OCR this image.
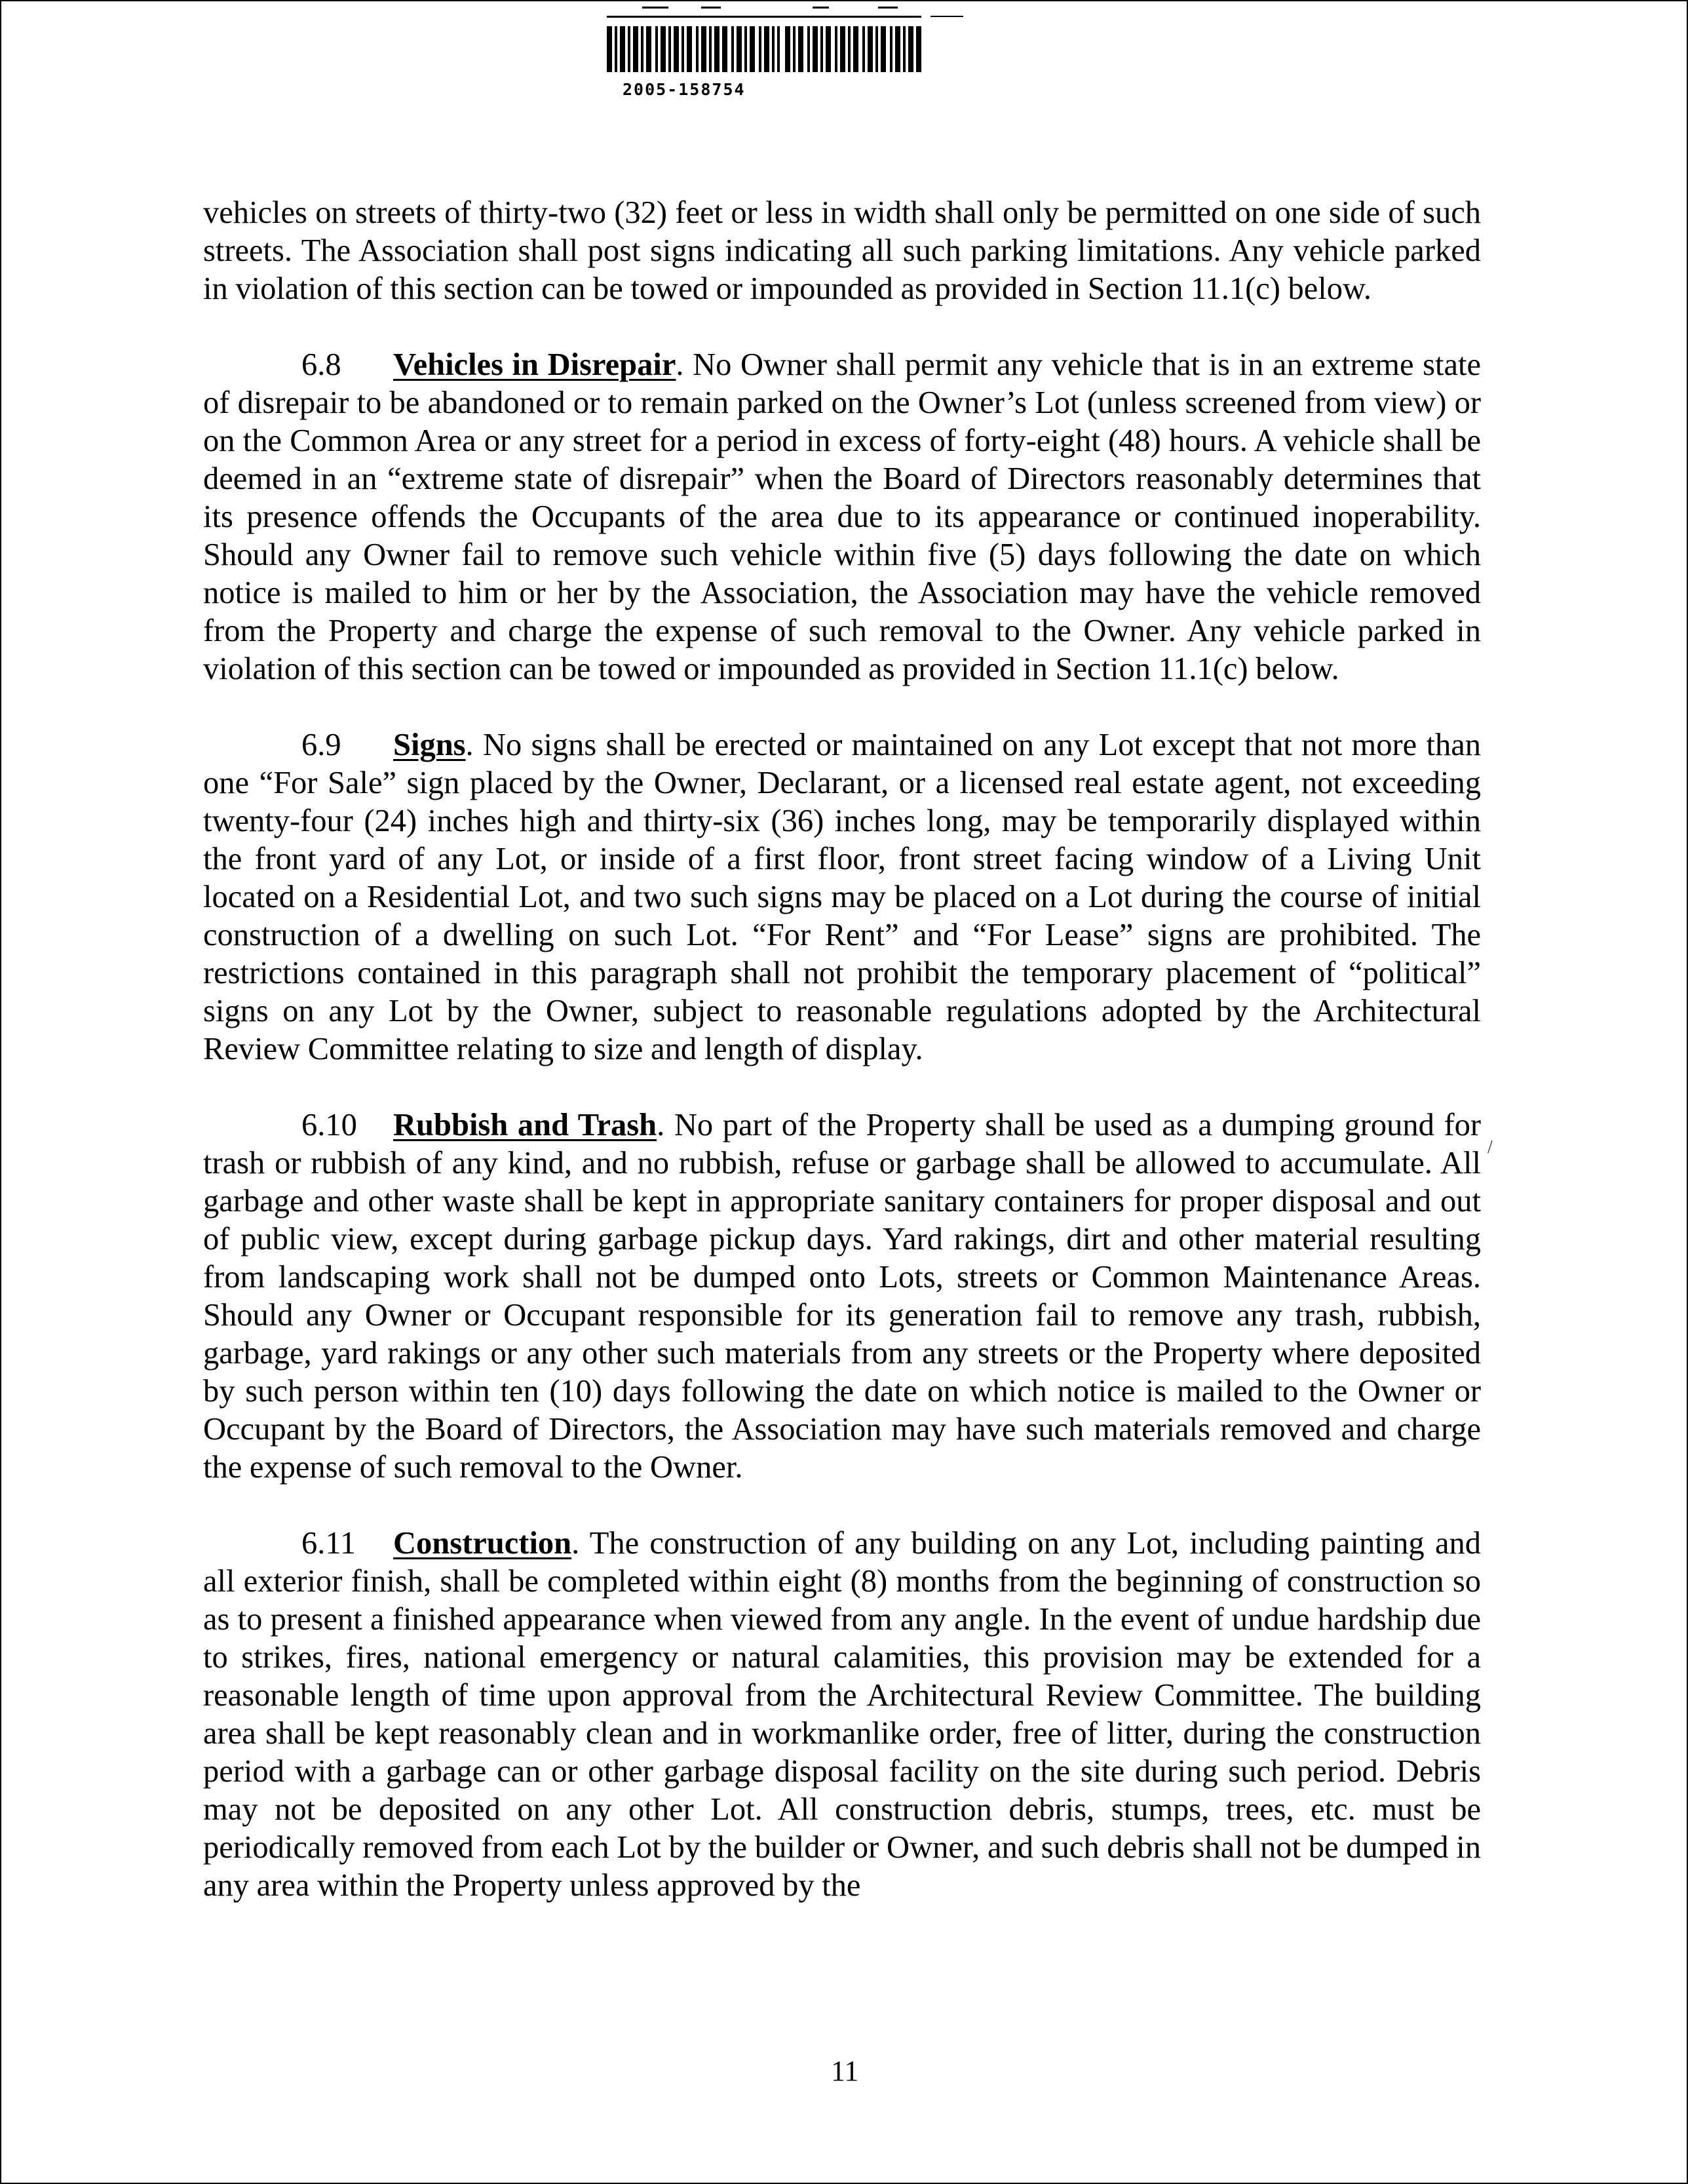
2005-158754

vehicles on streets of thirty-two (32) feet or less in width shall only be permitted on one side of such streets. The Association shall post signs indicating all such parking limitations. Any vehicle parked in violation of this section can be towed or impounded as provided in Section 11.1(c) below.

6.8 Vehicles in Disrepair. No Owner shall permit any vehicle that is in an extreme state of disrepair to be abandoned or to remain parked on the Owner’s Lot (unless screened from view) or on the Common Area or any street for a period in excess of forty-eight (48) hours. A vehicle shall be deemed in an “extreme state of disrepair” when the Board of Directors reasonably determines that its presence offends the Occupants of the area due to its appearance or continued inoperability. Should any Owner fail to remove such vehicle within five (5) days following the date on which notice is mailed to him or her by the Association, the Association may have the vehicle removed from the Property and charge the expense of such removal to the Owner. Any vehicle parked in violation of this section can be towed or impounded as provided in Section 11.1(c) below.

6.9 Signs. No signs shall be erected or maintained on any Lot except that not more than one “For Sale” sign placed by the Owner, Declarant, or a licensed real estate agent, not exceeding twenty-four (24) inches high and thirty-six (36) inches long, may be temporarily displayed within the front yard of any Lot, or inside of a first floor, front street facing window of a Living Unit located on a Residential Lot, and two such signs may be placed on a Lot during the course of initial construction of a dwelling on such Lot. “For Rent” and “For Lease” signs are prohibited. The restrictions contained in this paragraph shall not prohibit the temporary placement of “political” signs on any Lot by the Owner, subject to reasonable regulations adopted by the Architectural Review Committee relating to size and length of display.

6.10 Rubbish and Trash. No part of the Property shall be used as a dumping ground for trash or rubbish of any kind, and no rubbish, refuse or garbage shall be allowed to accumulate. All garbage and other waste shall be kept in appropriate sanitary containers for proper disposal and out of public view, except during garbage pickup days. Yard rakings, dirt and other material resulting from landscaping work shall not be dumped onto Lots, streets or Common Maintenance Areas. Should any Owner or Occupant responsible for its generation fail to remove any trash, rubbish, garbage, yard rakings or any other such materials from any streets or the Property where deposited by such person within ten (10) days following the date on which notice is mailed to the Owner or Occupant by the Board of Directors, the Association may have such materials removed and charge the expense of such removal to the Owner.

6.11 Construction. The construction of any building on any Lot, including painting and all exterior finish, shall be completed within eight (8) months from the beginning of construction so as to present a finished appearance when viewed from any angle. In the event of undue hardship due to strikes, fires, national emergency or natural calamities, this provision may be extended for a reasonable length of time upon approval from the Architectural Review Committee. The building area shall be kept reasonably clean and in workmanlike order, free of litter, during the construction period with a garbage can or other garbage disposal facility on the site during such period. Debris may not be deposited on any other Lot. All construction debris, stumps, trees, etc. must be periodically removed from each Lot by the builder or Owner, and such debris shall not be dumped in any area within the Property unless approved by the

/
11
